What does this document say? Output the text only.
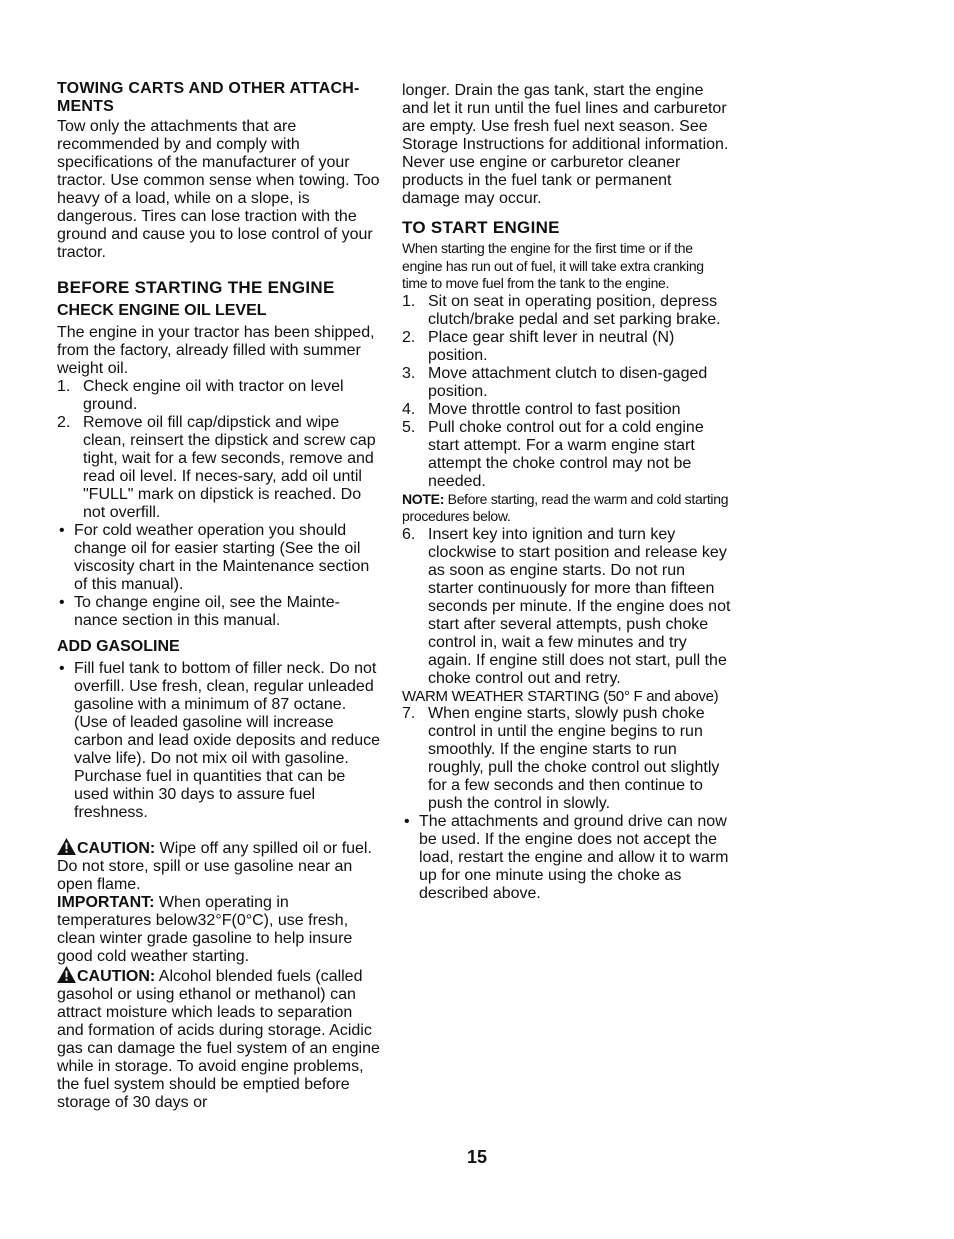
TOWING CARTS AND OTHER ATTACH-MENTS

Tow only the attachments that are recommended by and comply with specifications of the manufacturer of your tractor. Use common sense when towing. Too heavy of a load, while on a slope, is dangerous. Tires can lose traction with the ground and cause you to lose control of your tractor.

BEFORE STARTING THE ENGINE
CHECK ENGINE OIL LEVEL

The engine in your tractor has been shipped, from the factory, already filled with summer weight oil.

1. Check engine oil with tractor on level ground.
2. Remove oil fill cap/dipstick and wipe clean, reinsert the dipstick and screw cap tight, wait for a few seconds, remove and read oil level. If neces-sary, add oil until "FULL" mark on dipstick is reached. Do not overfill.
• For cold weather operation you should change oil for easier starting (See the oil viscosity chart in the Maintenance section of this manual).
• To change engine oil, see the Mainte-nance section in this manual.
ADD GASOLINE
• Fill fuel tank to bottom of filler neck. Do not overfill. Use fresh, clean, regular unleaded gasoline with a minimum of 87 octane. (Use of leaded gasoline will increase carbon and lead oxide deposits and reduce valve life). Do not mix oil with gasoline. Purchase fuel in quantities that can be used within 30 days to assure fuel freshness.

CAUTION: Wipe off any spilled oil or fuel. Do not store, spill or use gasoline near an open flame.

IMPORTANT: When operating in temperatures below32°F(0°C), use fresh, clean winter grade gasoline to help insure good cold weather starting.

CAUTION: Alcohol blended fuels (called gasohol or using ethanol or methanol) can attract moisture which leads to separation and formation of acids during storage. Acidic gas can damage the fuel system of an engine while in storage. To avoid engine problems, the fuel system should be emptied before storage of 30 days or

longer. Drain the gas tank, start the engine and let it run until the fuel lines and carburetor are empty. Use fresh fuel next season. See Storage Instructions for additional information. Never use engine or carburetor cleaner products in the fuel tank or permanent damage may occur.

TO START ENGINE

When starting the engine for the first time or if the engine has run out of fuel, it will take extra cranking time to move fuel from the tank to the engine.

1. Sit on seat in operating position, depress clutch/brake pedal and set parking brake.
2. Place gear shift lever in neutral (N) position.
3. Move attachment clutch to disen-gaged position.
4. Move throttle control to fast position
5. Pull choke control out for a cold engine start attempt. For a warm engine start attempt the choke control may not be needed.

NOTE: Before starting, read the warm and cold starting procedures below.

6. Insert key into ignition and turn key clockwise to start position and release key as soon as engine starts. Do not run starter continuously for more than fifteen seconds per minute. If the engine does not start after several attempts, push choke control in, wait a few minutes and try again. If engine still does not start, pull the choke control out and retry.

WARM WEATHER STARTING (50° F and above)

7. When engine starts, slowly push choke control in until the engine begins to run smoothly. If the engine starts to run roughly, pull the choke control out slightly for a few seconds and then continue to push the control in slowly.
• The attachments and ground drive can now be used. If the engine does not accept the load, restart the engine and allow it to warm up for one minute using the choke as described above.
15
